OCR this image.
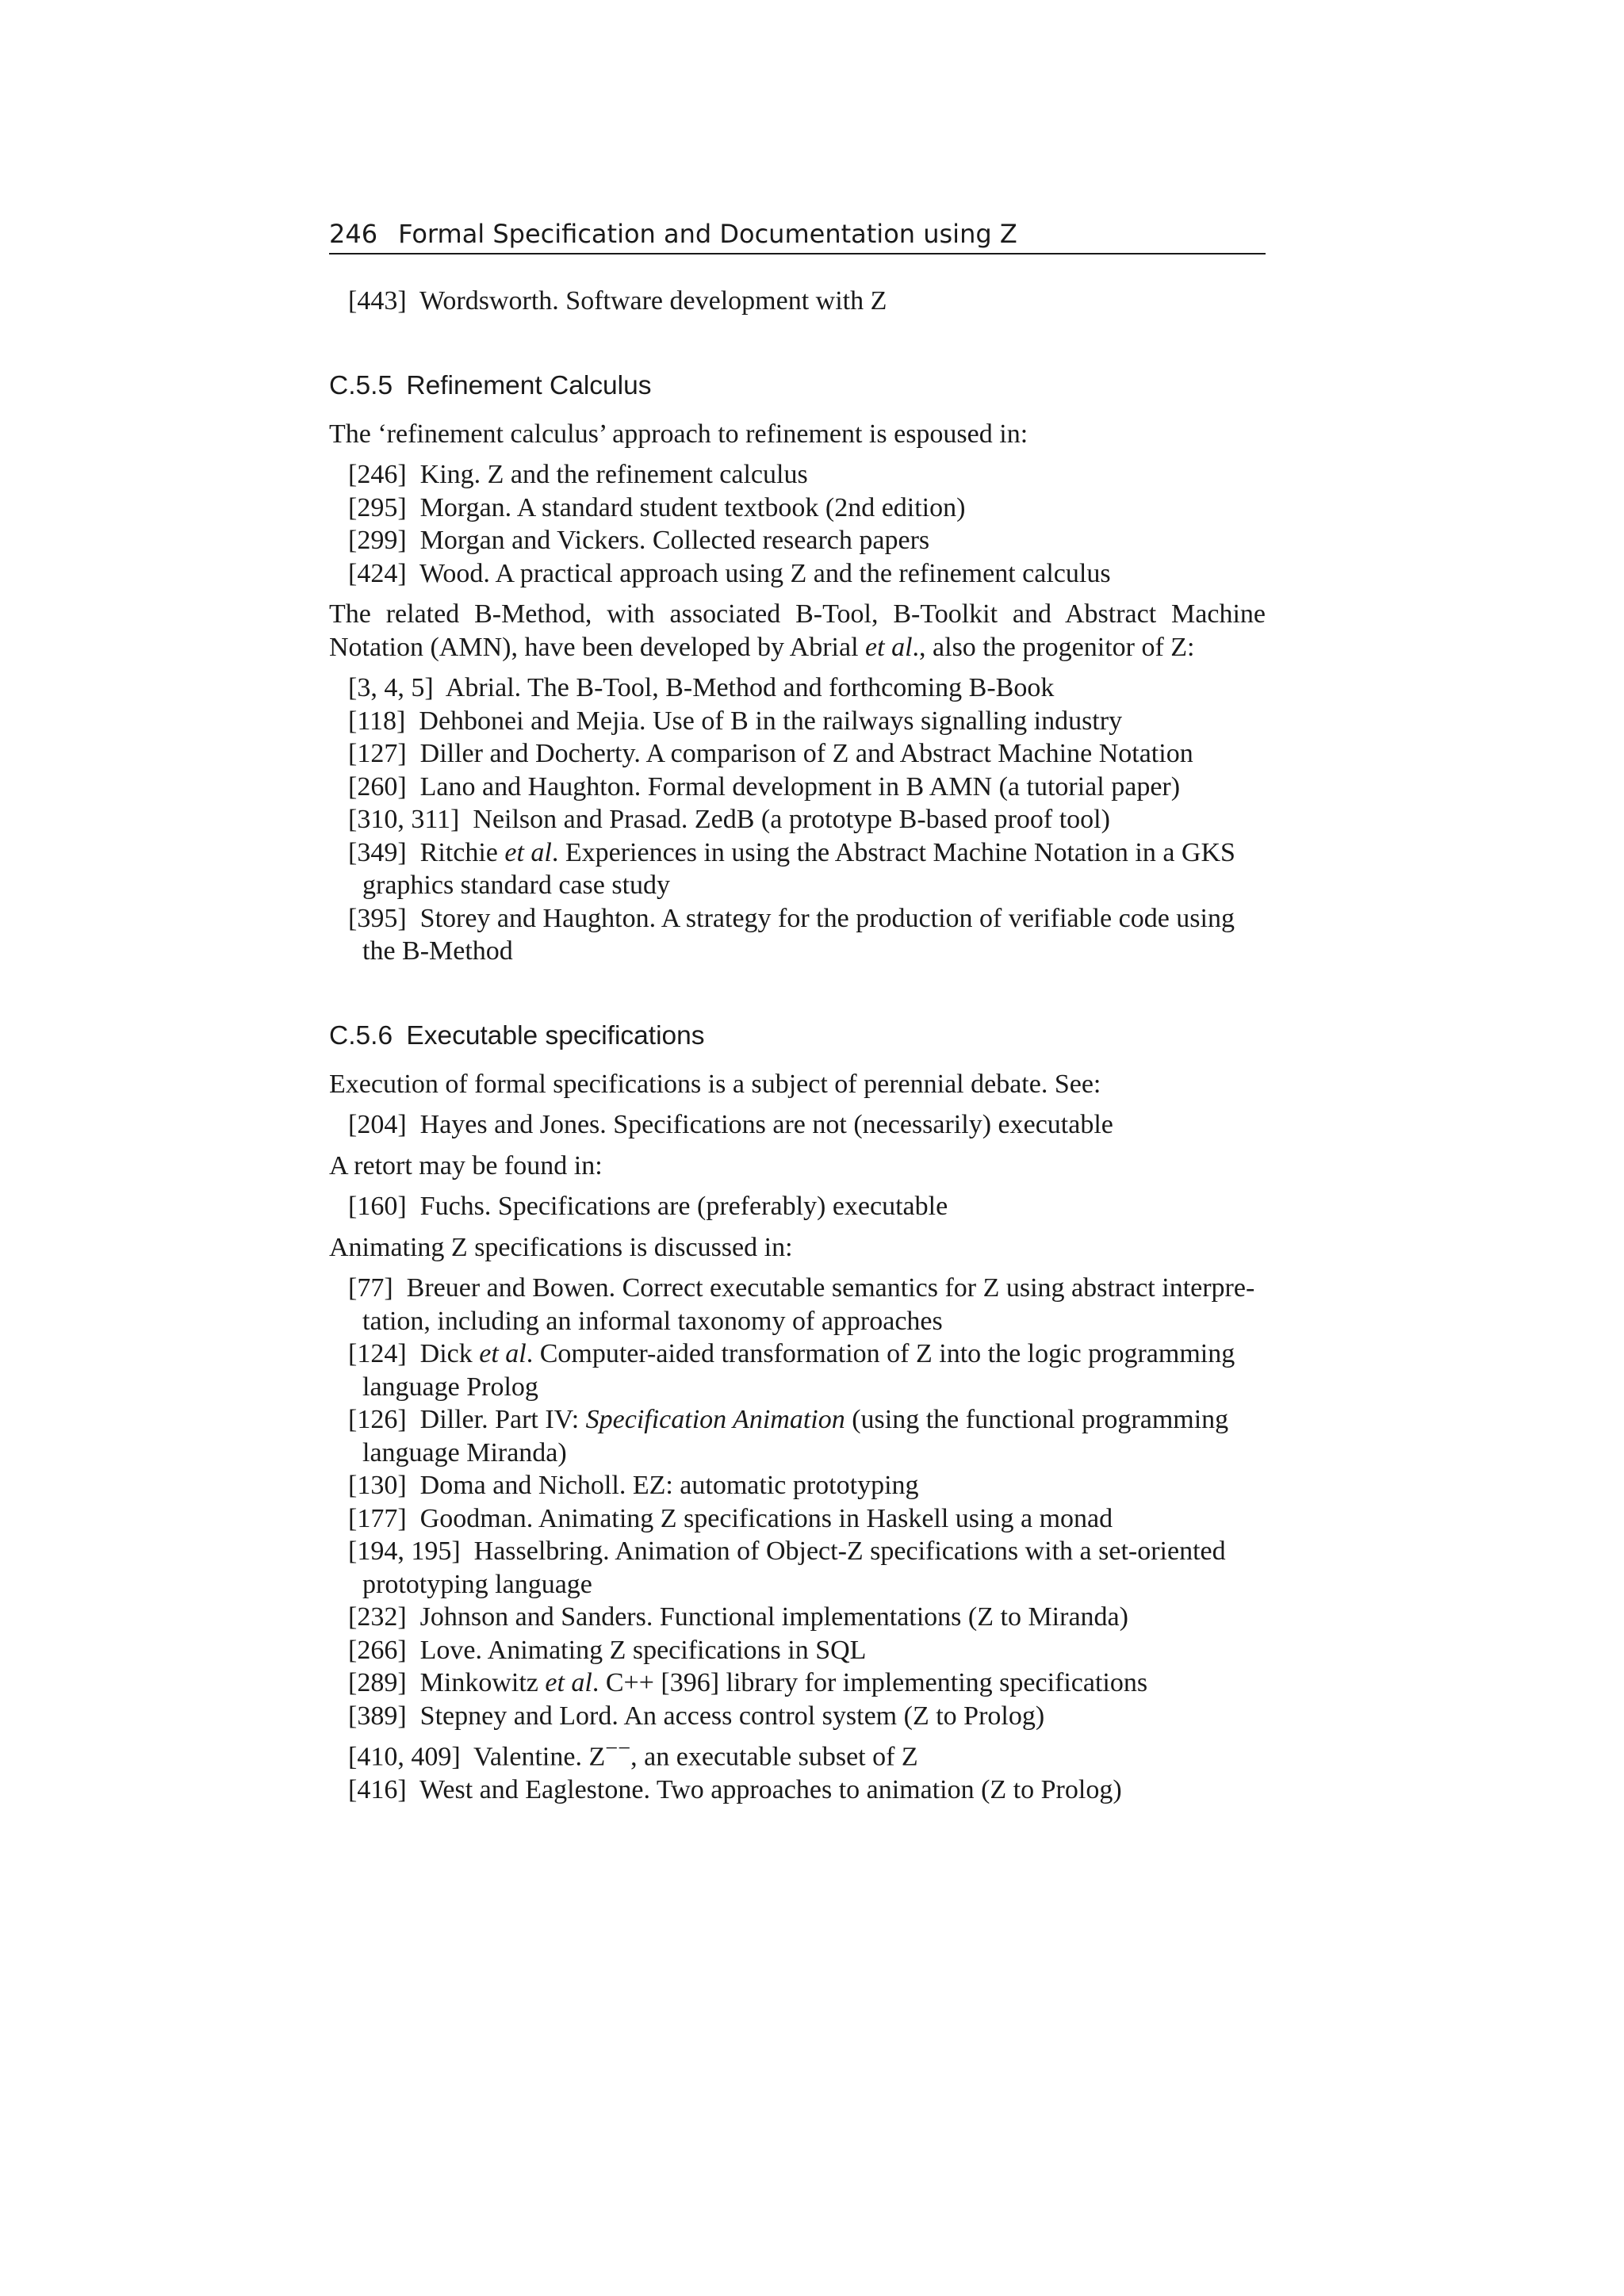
246 Formal Specification and Documentation using Z
[443] Wordsworth. Software development with Z
C.5.5 Refinement Calculus
The ‘refinement calculus’ approach to refinement is espoused in:
[246] King. Z and the refinement calculus
[295] Morgan. A standard student textbook (2nd edition)
[299] Morgan and Vickers. Collected research papers
[424] Wood. A practical approach using Z and the refinement calculus
The related B-Method, with associated B-Tool, B-Toolkit and Abstract Machine Notation (AMN), have been developed by Abrial et al., also the progenitor of Z:
[3, 4, 5] Abrial. The B-Tool, B-Method and forthcoming B-Book
[118] Dehbonei and Mejia. Use of B in the railways signalling industry
[127] Diller and Docherty. A comparison of Z and Abstract Machine Notation
[260] Lano and Haughton. Formal development in B AMN (a tutorial paper)
[310, 311] Neilson and Prasad. ZedB (a prototype B-based proof tool)
[349] Ritchie et al. Experiences in using the Abstract Machine Notation in a GKS
graphics standard case study
[395] Storey and Haughton. A strategy for the production of verifiable code using
the B-Method
C.5.6 Executable specifications
Execution of formal specifications is a subject of perennial debate. See:
[204] Hayes and Jones. Specifications are not (necessarily) executable
A retort may be found in:
[160] Fuchs. Specifications are (preferably) executable
Animating Z specifications is discussed in:
[77] Breuer and Bowen. Correct executable semantics for Z using abstract interpre-
tation, including an informal taxonomy of approaches
[124] Dick et al. Computer-aided transformation of Z into the logic programming
language Prolog
[126] Diller. Part IV: Specification Animation (using the functional programming
language Miranda)
[130] Doma and Nicholl. EZ: automatic prototyping
[177] Goodman. Animating Z specifications in Haskell using a monad
[194, 195] Hasselbring. Animation of Object-Z specifications with a set-oriented
prototyping language
[232] Johnson and Sanders. Functional implementations (Z to Miranda)
[266] Love. Animating Z specifications in SQL
[289] Minkowitz et al. C++ [396] library for implementing specifications
[389] Stepney and Lord. An access control system (Z to Prolog)
[410, 409] Valentine. Z−−, an executable subset of Z
[416] West and Eaglestone. Two approaches to animation (Z to Prolog)
